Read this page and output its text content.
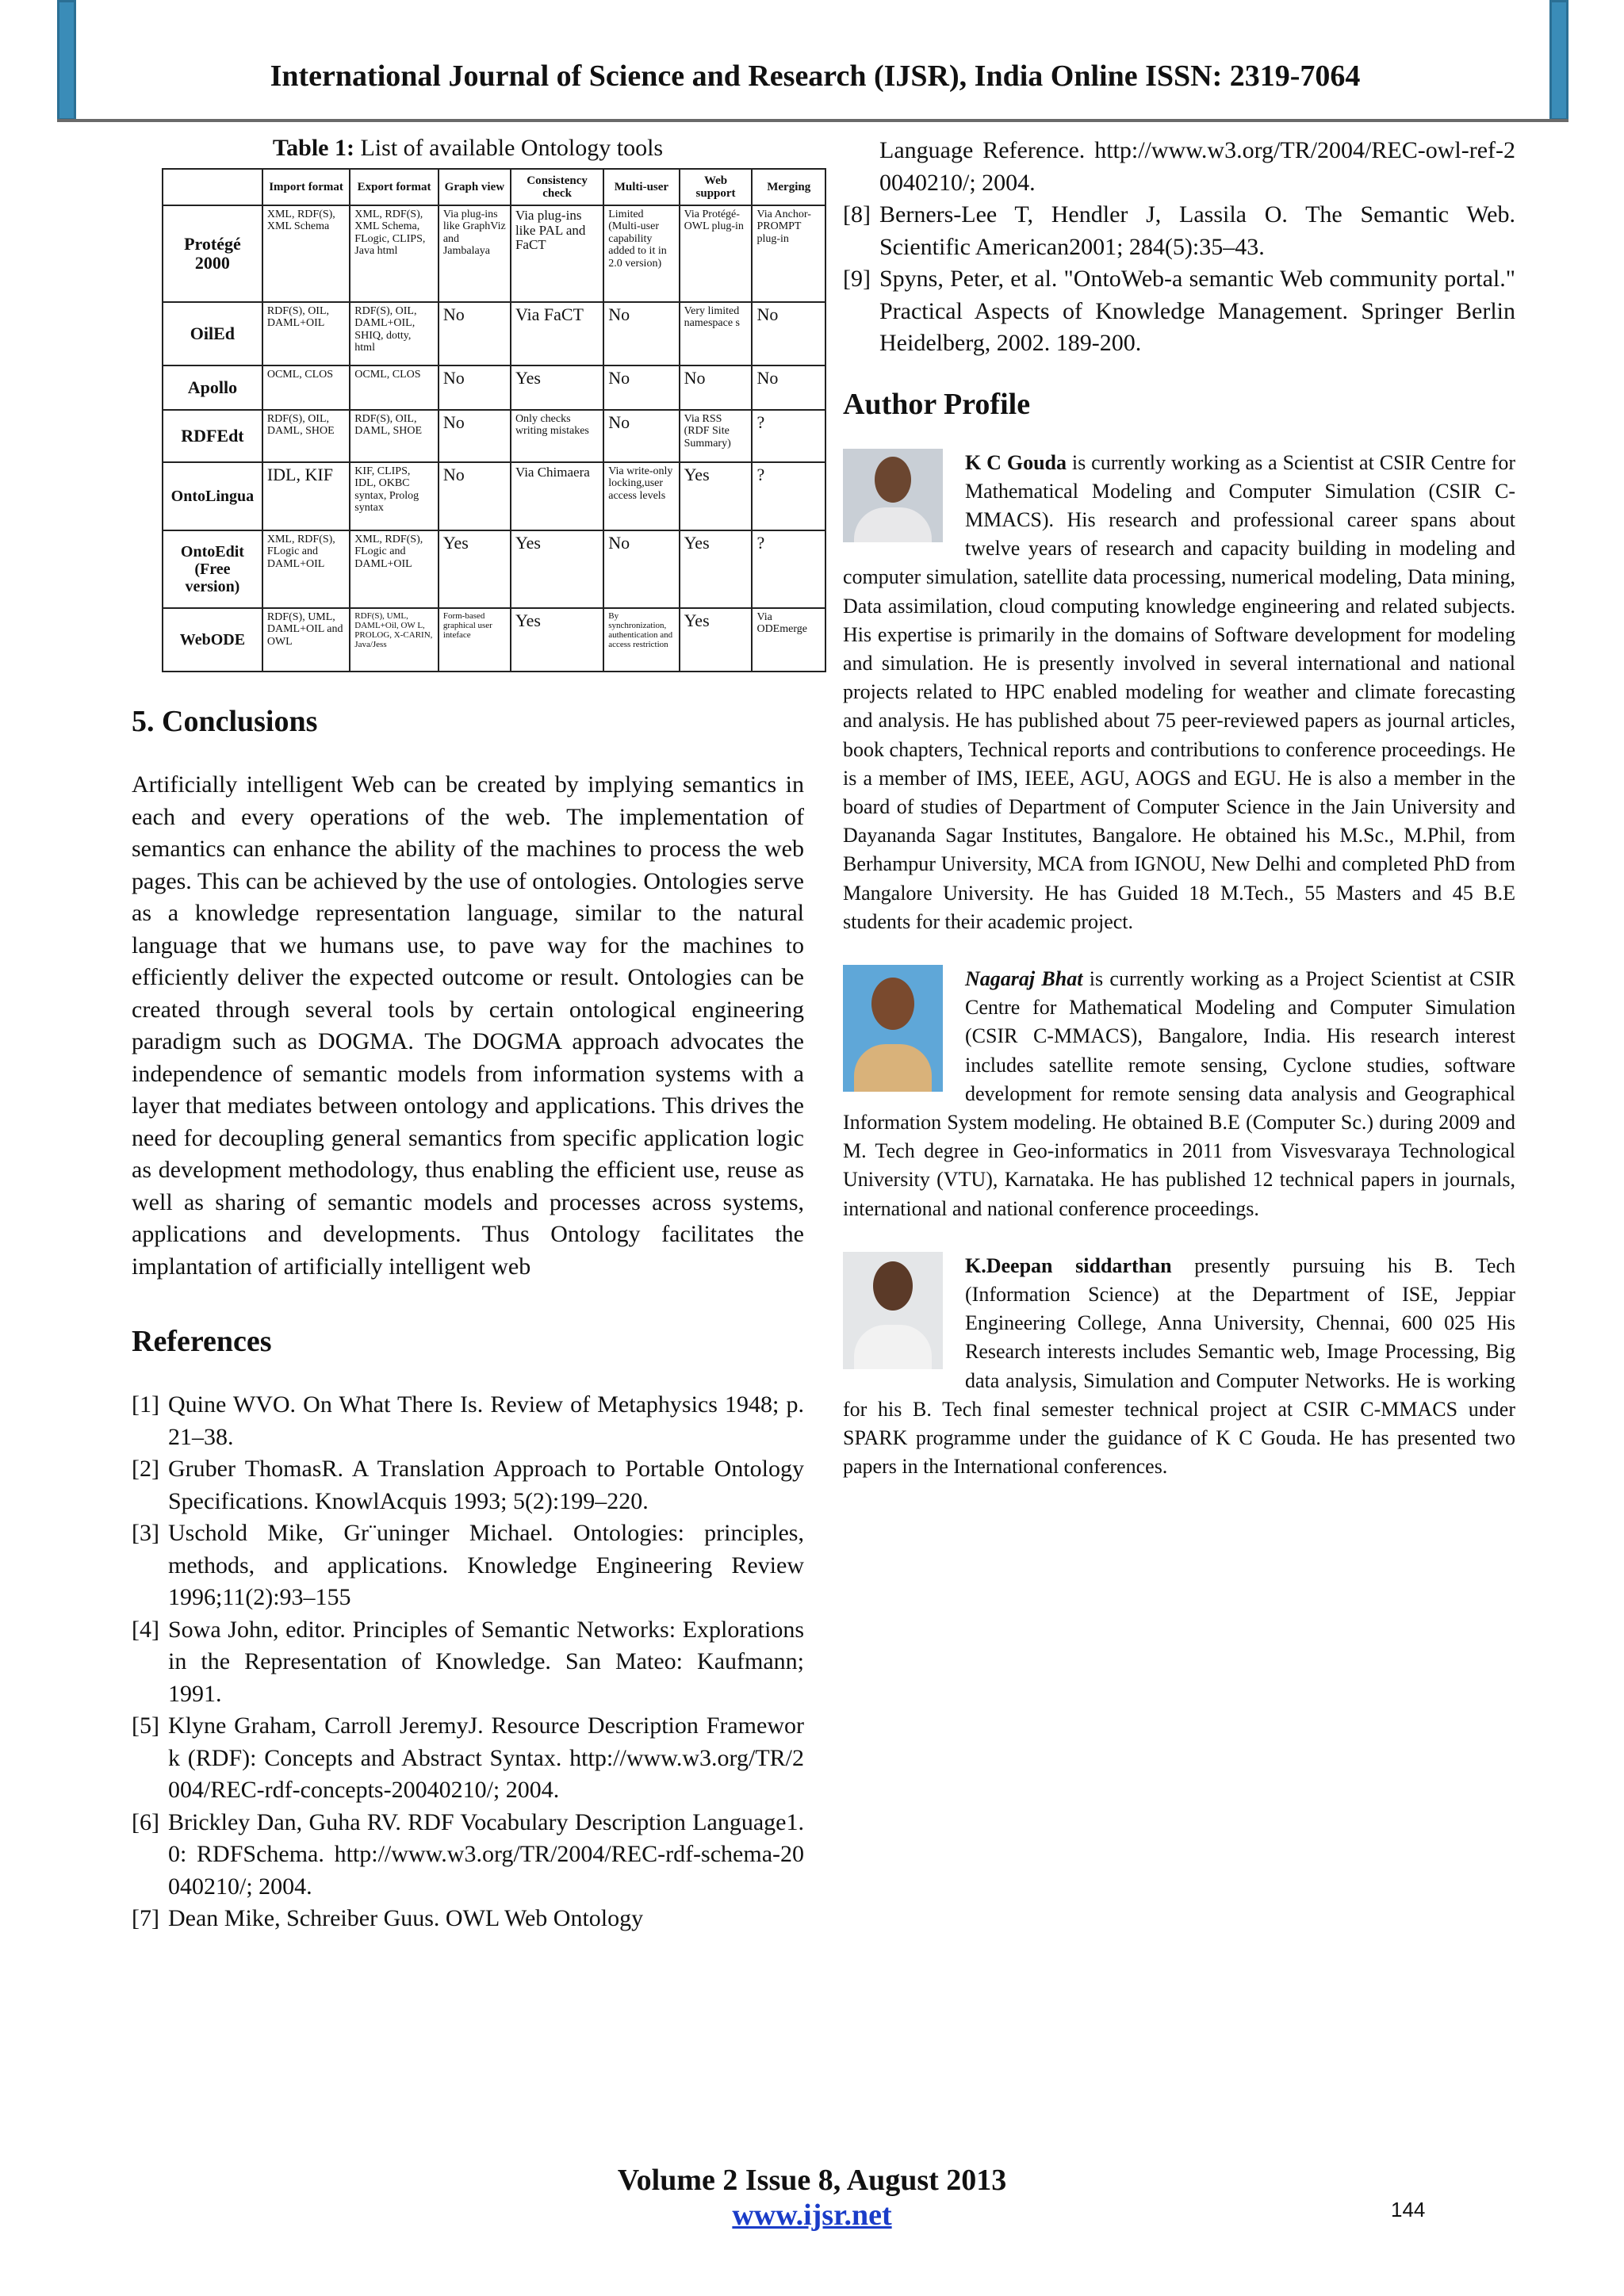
International Journal of Science and Research (IJSR), India Online ISSN: 2319-7064
Table 1: List of available Ontology tools
	Import format	Export format	Graph view	Consistency check	Multi-user	Web support	Merging
Protégé 2000	XML, RDF(S), XML Schema	XML, RDF(S), XML Schema, FLogic, CLIPS, Java html	Via plug-ins like GraphViz and Jambalaya	Via plug-ins like PAL and FaCT	Limited (Multi-user capability added to it in 2.0 version)	Via Protégé-OWL plug-in	Via Anchor-PROMPT plug-in
OilEd	RDF(S), OIL, DAML+OIL	RDF(S), OIL, DAML+OIL, SHIQ, dotty, html	No	Via FaCT	No	Very limited namespace s	No
Apollo	OCML, CLOS	OCML, CLOS	No	Yes	No	No	No
RDFEdt	RDF(S), OIL, DAML, SHOE	RDF(S), OIL, DAML, SHOE	No	Only checks writing mistakes	No	Via RSS (RDF Site Summary)	?
OntoLingua	IDL, KIF	KIF, CLIPS, IDL, OKBC syntax, Prolog syntax	No	Via Chimaera	Via write-only locking,user access levels	Yes	?
OntoEdit (Free version)	XML, RDF(S), FLogic and DAML+OIL	XML, RDF(S), FLogic and DAML+OIL	Yes	Yes	No	Yes	?
WebODE	RDF(S), UML, DAML+OIL and OWL	RDF(S), UML, DAML+Oil, OW L, PROLOG, X-CARIN, Java/Jess	Form-based graphical user inteface	Yes	By synchronization, authentication and access restriction	Yes	Via ODEmerge
5. Conclusions
Artificially intelligent Web can be created by implying semantics in each and every operations of the web. The implementation of semantics can enhance the ability of the machines to process the web pages. This can be achieved by the use of ontologies. Ontologies serve as a knowledge representation language, similar to the natural language that we humans use, to pave way for the machines to efficiently deliver the expected outcome or result. Ontologies can be created through several tools by certain ontological engineering paradigm such as DOGMA. The DOGMA approach advocates the independence of semantic models from information systems with a layer that mediates between ontology and applications. This drives the need for decoupling general semantics from specific application logic as development methodology, thus enabling the efficient use, reuse as well as sharing of semantic models and processes across systems, applications and developments. Thus Ontology facilitates the implantation of artificially intelligent web
References
[1] Quine WVO. On What There Is. Review of Metaphysics 1948; p. 21–38.
[2] Gruber ThomasR. A Translation Approach to Portable Ontology Specifications. KnowlAcquis 1993; 5(2):199–220.
[3] Uschold Mike, Gr¨uninger Michael. Ontologies: principles, methods, and applications. Knowledge Engineering Review 1996;11(2):93–155
[4] Sowa John, editor. Principles of Semantic Networks: Explorations in the Representation of Knowledge. San Mateo: Kaufmann; 1991.
[5] Klyne Graham, Carroll JeremyJ. Resource Description Framework (RDF): Concepts and Abstract Syntax. http://www.w3.org/TR/2004/REC-rdf-concepts-20040210/; 2004.
[6] Brickley Dan, Guha RV. RDF Vocabulary Description Language1.0: RDFSchema. http://www.w3.org/TR/2004/REC-rdf-schema-20040210/; 2004.
[7] Dean Mike, Schreiber Guus. OWL Web Ontology
Language Reference. http://www.w3.org/TR/2004/REC-owl-ref-20040210/; 2004.
[8] Berners-Lee T, Hendler J, Lassila O. The Semantic Web. Scientific American2001; 284(5):35–43.
[9] Spyns, Peter, et al. "OntoWeb-a semantic Web community portal." Practical Aspects of Knowledge Management. Springer Berlin Heidelberg, 2002. 189-200.
Author Profile
K C Gouda is currently working as a Scientist at CSIR Centre for Mathematical Modeling and Computer Simulation (CSIR C-MMACS). His research and professional career spans about twelve years of research and capacity building in modeling and computer simulation, satellite data processing, numerical modeling, Data mining, Data assimilation, cloud computing knowledge engineering and related subjects. His expertise is primarily in the domains of Software development for modeling and simulation. He is presently involved in several international and national projects related to HPC enabled modeling for weather and climate forecasting and analysis. He has published about 75 peer-reviewed papers as journal articles, book chapters, Technical reports and contributions to conference proceedings. He is a member of IMS, IEEE, AGU, AOGS and EGU. He is also a member in the board of studies of Department of Computer Science in the Jain University and Dayananda Sagar Institutes, Bangalore. He obtained his M.Sc., M.Phil, from Berhampur University, MCA from IGNOU, New Delhi and completed PhD from Mangalore University. He has Guided 18 M.Tech., 55 Masters and 45 B.E students for their academic project.
Nagaraj Bhat is currently working as a Project Scientist at CSIR Centre for Mathematical Modeling and Computer Simulation (CSIR C-MMACS), Bangalore, India. His research interest includes satellite remote sensing, Cyclone studies, software development for remote sensing data analysis and Geographical Information System modeling. He obtained B.E (Computer Sc.) during 2009 and M. Tech degree in Geo-informatics in 2011 from Visvesvaraya Technological University (VTU), Karnataka. He has published 12 technical papers in journals, international and national conference proceedings.
K.Deepan siddarthan presently pursuing his B. Tech (Information Science) at the Department of ISE, Jeppiar Engineering College, Anna University, Chennai, 600 025 His Research interests includes Semantic web, Image Processing, Big data analysis, Simulation and Computer Networks. He is working for his B. Tech final semester technical project at CSIR C-MMACS under SPARK programme under the guidance of K C Gouda. He has presented two papers in the International conferences.
Volume 2 Issue 8, August 2013
www.ijsr.net	144
